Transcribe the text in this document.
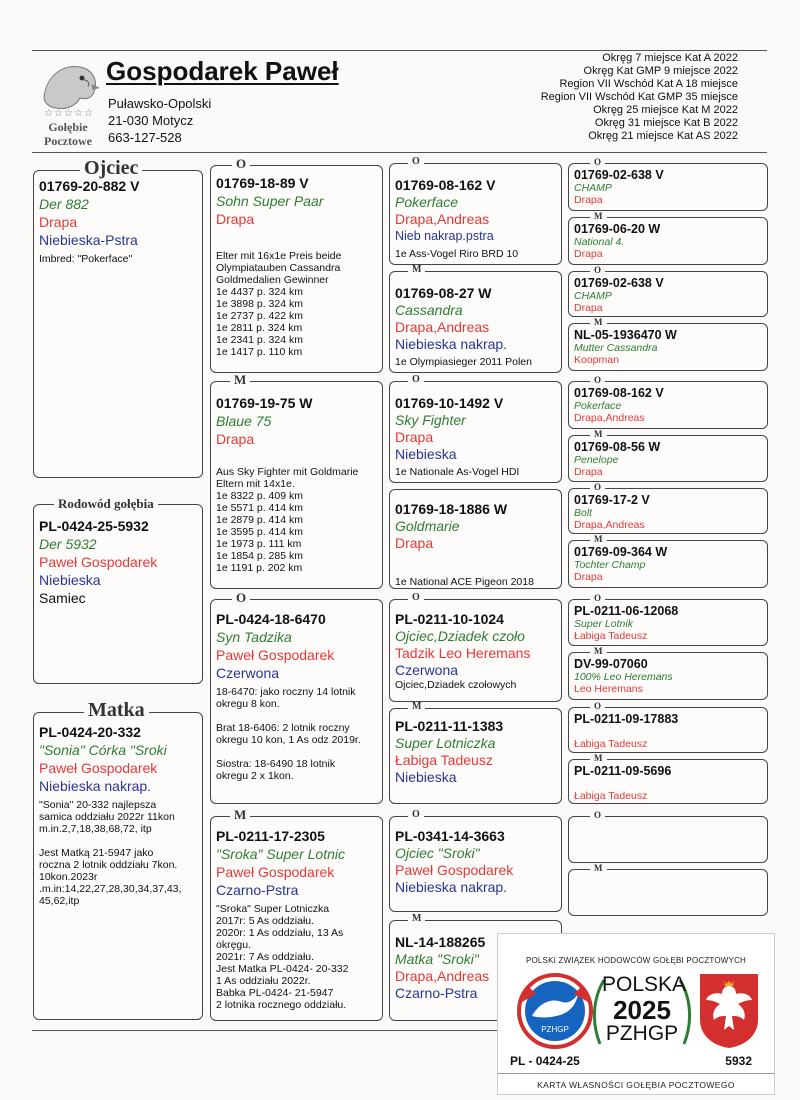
☆☆☆☆☆
Gołębie
Pocztowe
Gospodarek Paweł
Puławsko-Opolski
21-030 Motycz
663-127-528
Okręg 7 miejsce Kat A 2022
Okręg Kat GMP 9 miejsce 2022
Region VII Wschód Kat A 18 miejsce
Region VII Wschód Kat GMP 35 miejsce
Okręg 25 miejsce Kat M 2022
Okręg 31 miejsce Kat B 2022
Okręg 21 miejsce Kat AS 2022
01769-20-882 V
Der 882
Drapa
Niebieska-Pstra
Imbred: "Pokerface"
Ojciec
PL-0424-25-5932
Der 5932
Paweł Gospodarek
Niebieska
Samiec
Rodowód gołębia
PL-0424-20-332
"Sonia" Córka "Sroki
Paweł Gospodarek
Niebieska nakrap.
"Sonia" 20-332 najlepsza
samica oddziału 2022r 11kon
m.in.2,7,18,38,68,72, itp
Jest Matką 21-5947 jako
roczna 2 lotnik oddziału 7kon.
10kon.2023r
.m.in:14,22,27,28,30,34,37,43,
45,62,itp
Matka
01769-18-89 V
Sohn Super Paar
Drapa
Elter mit 16x1e Preis beide
Olympiatauben Cassandra
Goldmedalien Gewinner
1e 4437 p. 324 km
1e 3898 p. 324 km
1e 2737 p. 422 km
1e 2811 p. 324 km
1e 2341 p. 324 km
1e 1417 p. 110 km
O
01769-19-75 W
Blaue 75
Drapa
Aus Sky Fighter mit Goldmarie
Eltern mit 14x1e.
1e 8322 p. 409 km
1e 5571 p. 414 km
1e 2879 p. 414 km
1e 3595 p. 414 km
1e 1973 p. 111 km
1e 1854 p. 285 km
1e 1191 p. 202 km
M
PL-0424-18-6470
Syn Tadzika
Paweł Gospodarek
Czerwona
18-6470: jako roczny 14 lotnik
okregu 8 kon.
Brat 18-6406: 2 lotnik roczny
okregu 10 kon, 1 As odz 2019r.
Siostra: 18-6490 18 lotnik
okregu 2 x 1kon.
O
PL-0211-17-2305
"Sroka" Super Lotnic
Paweł Gospodarek
Czarno-Pstra
"Sroka" Super Lotniczka
2017r: 5 As oddziału.
2020r: 1 As oddziału, 13 As
okręgu.
2021r: 7 As oddziału.
Jest Matka PL-0424- 20-332
1 As oddziału 2022r.
Babka PL-0424- 21-5947
2 lotnika rocznego oddziału.
M
01769-08-162 V
Pokerface
Drapa,Andreas
Nieb nakrap.pstra
1e Ass-Vogel Riro BRD 10
O
01769-08-27 W
Cassandra
Drapa,Andreas
Niebieska nakrap.
1e Olympiasieger 2011 Polen
M
01769-10-1492 V
Sky Fighter
Drapa
Niebieska
1e Nationale As-Vogel HDI
O
01769-18-1886 W
Goldmarie
Drapa
1e National ACE Pigeon 2018
PL-0211-10-1024
Ojciec,Dziadek czoło
Tadzik Leo Heremans
Czerwona
Ojciec,Dziadek czołowych
O
PL-0211-11-1383
Super Lotniczka
Łabiga Tadeusz
Niebieska
M
PL-0341-14-3663
Ojciec "Sroki"
Paweł Gospodarek
Niebieska nakrap.
O
NL-14-188265
Matka "Sroki"
Drapa,Andreas
Czarno-Pstra
M
01769-02-638 V
CHAMP
Drapa
O
01769-06-20 W
National 4.
Drapa
M
01769-02-638 V
CHAMP
Drapa
O
NL-05-1936470 W
Mutter Cassandra
Koopman
M
01769-08-162 V
Pokerface
Drapa,Andreas
O
01769-08-56 W
Penelope
Drapa
M
01769-17-2 V
Bolt
Drapa,Andreas
O
01769-09-364 W
Tochter Champ
Drapa
M
PL-0211-06-12068
Super Lotnik
Łabiga Tadeusz
O
DV-99-07060
100% Leo Heremans
Leo Heremans
M
PL-0211-09-17883
Łabiga Tadeusz
O
PL-0211-09-5696
Łabiga Tadeusz
M
O
M
POLSKI ZWIĄZEK HODOWCÓW GOŁĘBI POCZTOWYCH
PZHGP
POLSKA
2025
PZHGP
PL - 0424-25	5932
KARTA WŁASNOŚCI GOŁĘBIA POCZTOWEGO
